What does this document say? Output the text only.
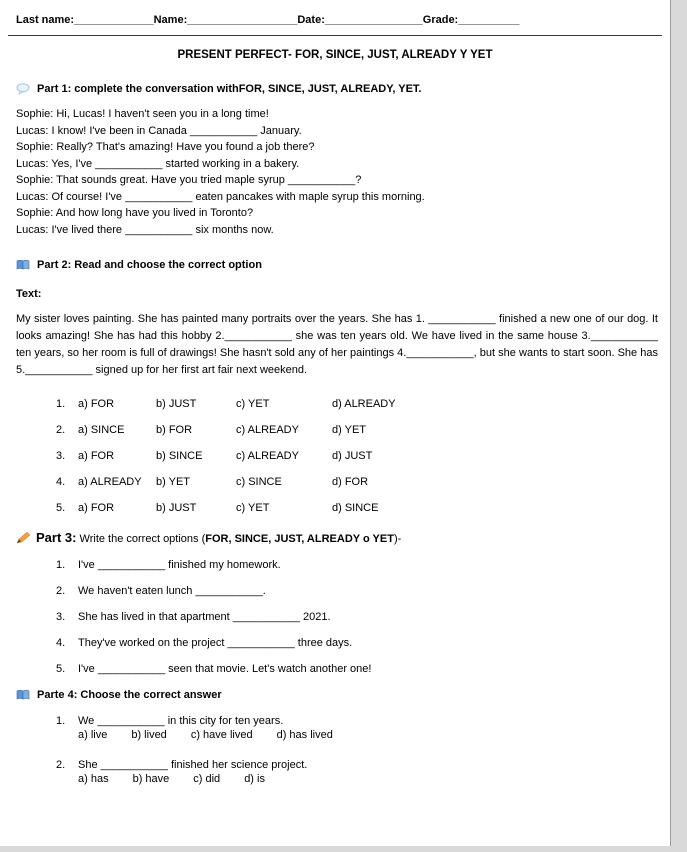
Last name:_____________Name:__________________Date:________________Grade:__________
PRESENT PERFECT- FOR, SINCE, JUST, ALREADY Y YET
Part 1: complete the conversation withFOR, SINCE, JUST, ALREADY, YET.
Sophie: Hi, Lucas! I haven't seen you in a long time!
Lucas: I know! I've been in Canada ___________ January.
Sophie: Really? That's amazing! Have you found a job there?
Lucas: Yes, I've ___________ started working in a bakery.
Sophie: That sounds great. Have you tried maple syrup ___________?
Lucas: Of course! I've ___________ eaten pancakes with maple syrup this morning.
Sophie: And how long have you lived in Toronto?
Lucas: I've lived there ___________ six months now.
Part 2: Read and choose the correct option
Text:

My sister loves painting. She has painted many portraits over the years. She has 1. ___________ finished a new one of our dog. It looks amazing! She has had this hobby 2.___________ she was ten years old. We have lived in the same house 3.___________ ten years, so her room is full of drawings! She hasn't sold any of her paintings 4.___________, but she wants to start soon. She has 5.___________ signed up for her first art fair next weekend.

1.	a) FOR	b) JUST	c) YET	d) ALREADY
2.	a) SINCE	b) FOR	c) ALREADY	d) YET
3.	a) FOR	b) SINCE	c) ALREADY	d) JUST
4.	a) ALREADY	b) YET	c) SINCE	d) FOR
5.	a) FOR	b) JUST	c) YET	d) SINCE
Part 3: Write the correct options (FOR, SINCE, JUST, ALREADY o YET)-
1.	I've ___________ finished my homework.
2.	We haven't eaten lunch ___________.
3.	She has lived in that apartment ___________ 2021.
4.	They've worked on the project ___________ three days.
5.	I've ___________ seen that movie. Let's watch another one!
Parte 4: Choose the correct answer
1.	We ___________ in this city for ten years.
a) live b) lived c) have lived d) has lived
2.	She ___________ finished her science project.
a) has b) have c) did d) is
